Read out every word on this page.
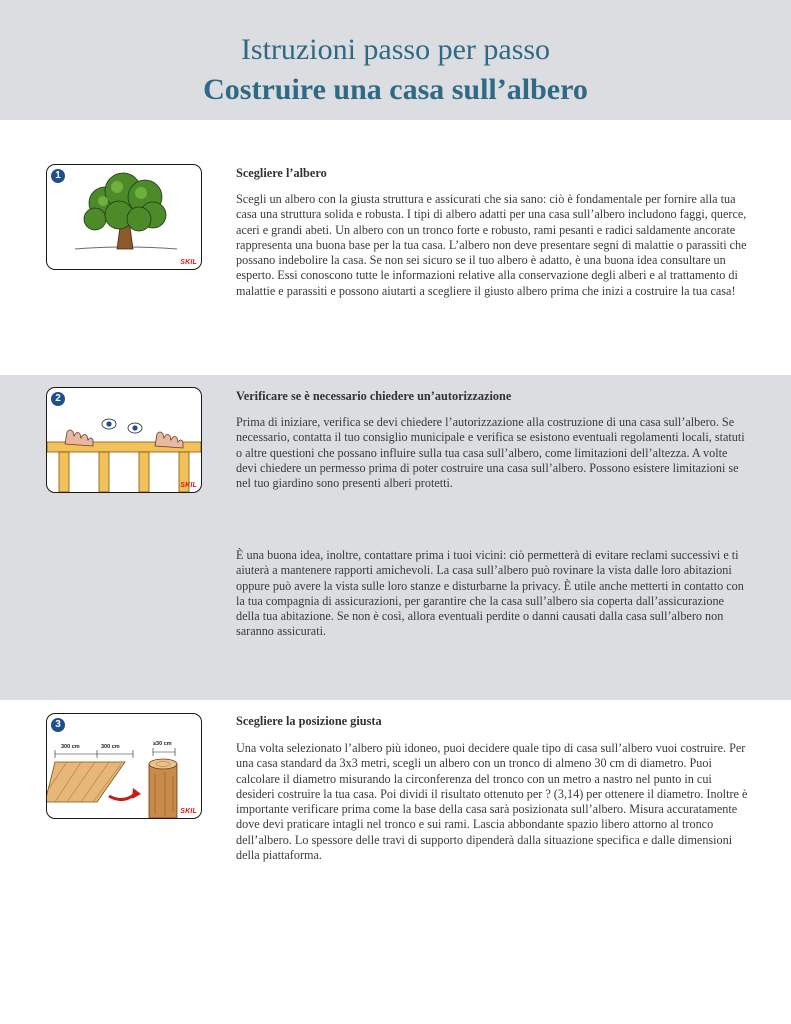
Istruzioni passo per passo
Costruire una casa sull’albero
1
SKIL
Scegliere l’albero

Scegli un albero con la giusta struttura e assicurati che sia sano: ciò è fondamentale per fornire alla tua casa una struttura solida e robusta. I tipi di albero adatti per una casa sull’albero includono faggi, querce, aceri e grandi abeti. Un albero con un tronco forte e robusto, rami pesanti e radici saldamente ancorate rappresenta una buona base per la tua casa. L’albero non deve presentare segni di malattie o parassiti che possano indebolire la casa. Se non sei sicuro se il tuo albero è adatto, è una buona idea consultare un esperto. Essi conoscono tutte le informazioni relative alla conservazione degli alberi e al trattamento di malattie e parassiti e possono aiutarti a scegliere il giusto albero prima che inizi a costruire la tua casa!

2
SKIL
Verificare se è necessario chiedere un’autorizzazione

Prima di iniziare, verifica se devi chiedere l’autorizzazione alla costruzione di una casa sull’albero. Se necessario, contatta il tuo consiglio municipale e verifica se esistono eventuali regolamenti locali, statuti o altre questioni che possano influire sulla tua casa sull’albero, come limitazioni dell’altezza. A volte devi chiedere un permesso prima di poter costruire una casa sull’albero. Possono esistere limitazioni se nel tuo giardino sono presenti alberi protetti.

È una buona idea, inoltre, contattare prima i tuoi vicini: ciò permetterà di evitare reclami successivi e ti aiuterà a mantenere rapporti amichevoli. La casa sull’albero può rovinare la vista dalle loro abitazioni oppure può avere la vista sulle loro stanze e disturbarne la privacy. È utile anche metterti in contatto con la tua compagnia di assicurazioni, per garantire che la casa sull’albero sia coperta dall’assicurazione della tua abitazione. Se non è così, allora eventuali perdite o danni causati dalla casa sull’albero non saranno assicurati.

300 cm	300 cm	≥30 cm
3
SKIL
Scegliere la posizione giusta

Una volta selezionato l’albero più idoneo, puoi decidere quale tipo di casa sull’albero vuoi costruire. Per una casa standard da 3x3 metri, scegli un albero con un tronco di almeno 30 cm di diametro. Puoi calcolare il diametro misurando la circonferenza del tronco con un metro a nastro nel punto in cui desideri costruire la tua casa. Poi dividi il risultato ottenuto per ? (3,14) per ottenere il diametro. Inoltre è importante verificare prima come la base della casa sarà posizionata sull’albero. Misura accuratamente dove devi praticare intagli nel tronco e sui rami. Lascia abbondante spazio libero attorno al tronco dell’albero. Lo spessore delle travi di supporto dipenderà dalla situazione specifica e dalle dimensioni della piattaforma.
